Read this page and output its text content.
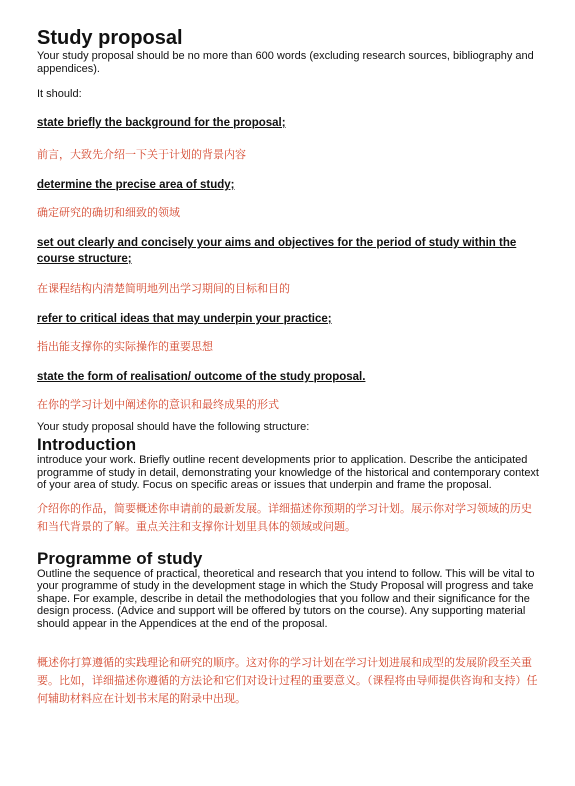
Study proposal

Your study proposal should be no more than 600 words (excluding research sources, bibliography and appendices).

It should:

state briefly the background for the proposal;

前言，大致先介绍一下关于计划的背景内容

determine the precise area of study;

确定研究的确切和细致的领域

set out clearly and concisely your aims and objectives for the period of study within the course structure;

在课程结构内清楚简明地列出学习期间的目标和目的

refer to critical ideas that may underpin your practice;

指出能支撑你的实际操作的重要思想

state the form of realisation/ outcome of the study proposal.

在你的学习计划中阐述你的意识和最终成果的形式

Your study proposal should have the following structure:

Introduction

introduce your work. Briefly outline recent developments prior to application. Describe the anticipated programme of study in detail, demonstrating your knowledge of the historical and contemporary context of your area of study. Focus on specific areas or issues that underpin and frame the proposal.

介绍你的作品，简要概述你申请前的最新发展。详细描述你预期的学习计划。展示你对学习领域的历史和当代背景的了解。重点关注和支撑你计划里具体的领域或问题。

Programme of study

Outline the sequence of practical, theoretical and research that you intend to follow. This will be vital to your programme of study in the development stage in which the Study Proposal will progress and take shape. For example, describe in detail the methodologies that you follow and their significance for the design process. (Advice and support will be offered by tutors on the course). Any supporting material should appear in the Appendices at the end of the proposal.

概述你打算遵循的实践理论和研究的顺序。这对你的学习计划在学习计划进展和成型的发展阶段至关重要。比如，详细描述你遵循的方法论和它们对设计过程的重要意义。（课程将由导师提供咨询和支持）任何辅助材料应在计划书末尾的附录中出现。
